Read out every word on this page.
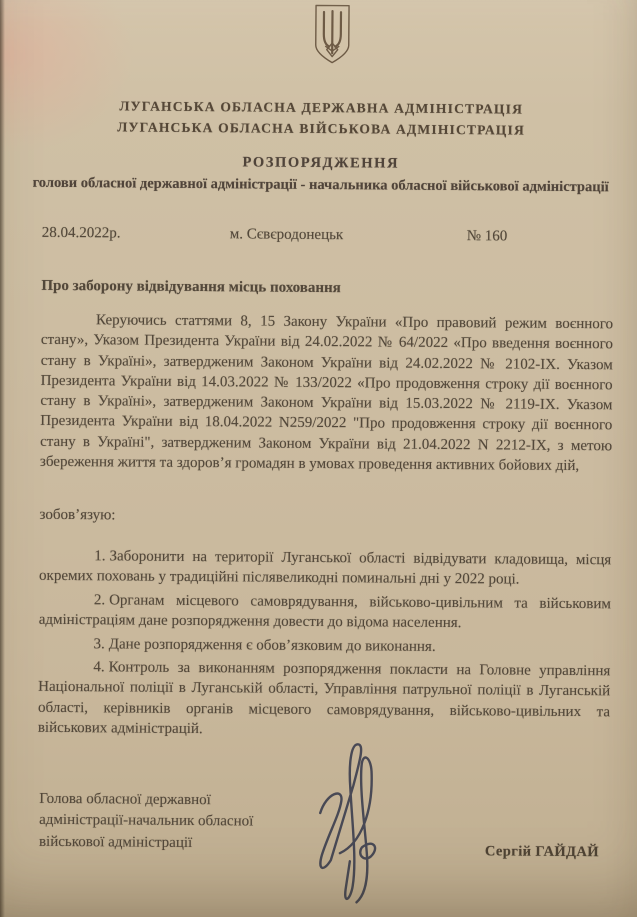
ЛУГАНСЬКА ОБЛАСНА ДЕРЖАВНА АДМІНІСТРАЦІЯ
ЛУГАНСЬКА ОБЛАСНА ВІЙСЬКОВА АДМІНІСТРАЦІЯ
РОЗПОРЯДЖЕННЯ
голови обласної державної адміністрації - начальника обласної військової адміністрації
28.04.2022р.	м. Сєвєродонецьк	№ 160
Про заборону відвідування місць поховання

Керуючись статтями 8, 15 Закону України «Про правовий режим воєнного стану», Указом Президента України від 24.02.2022 № 64/2022 «Про введення воєнного стану в Україні», затвердженим Законом України від 24.02.2022 № 2102-ІХ. Указом Президента України від 14.03.2022 № 133/2022 «Про продовження строку дії воєнного стану в Україні», затвердженим Законом України від 15.03.2022 № 2119-ІХ. Указом Президента України від 18.04.2022 N259/2022 "Про продовження строку дії воєнного стану в Україні", затвердженим Законом України від 21.04.2022 N 2212-ІХ, з метою збереження життя та здоров’я громадян в умовах проведення активних бойових дій,

зобов’язую:

1. Заборонити на території Луганської області відвідувати кладовища, місця окремих поховань у традиційні післявеликодні поминальні дні у 2022 році.

2. Органам місцевого самоврядування, військово-цивільним та військовим адміністраціям дане розпорядження довести до відома населення.

3. Дане розпорядження є обов’язковим до виконання.

4. Контроль за виконанням розпорядження покласти на Головне управління Національної поліції в Луганській області, Управління патрульної поліції в Луганській області, керівників органів місцевого самоврядування, військово-цивільних та військових адміністрацій.

Голова обласної державної
адміністрації-начальник обласної
військової адміністрації
Сергій ГАЙДАЙ
